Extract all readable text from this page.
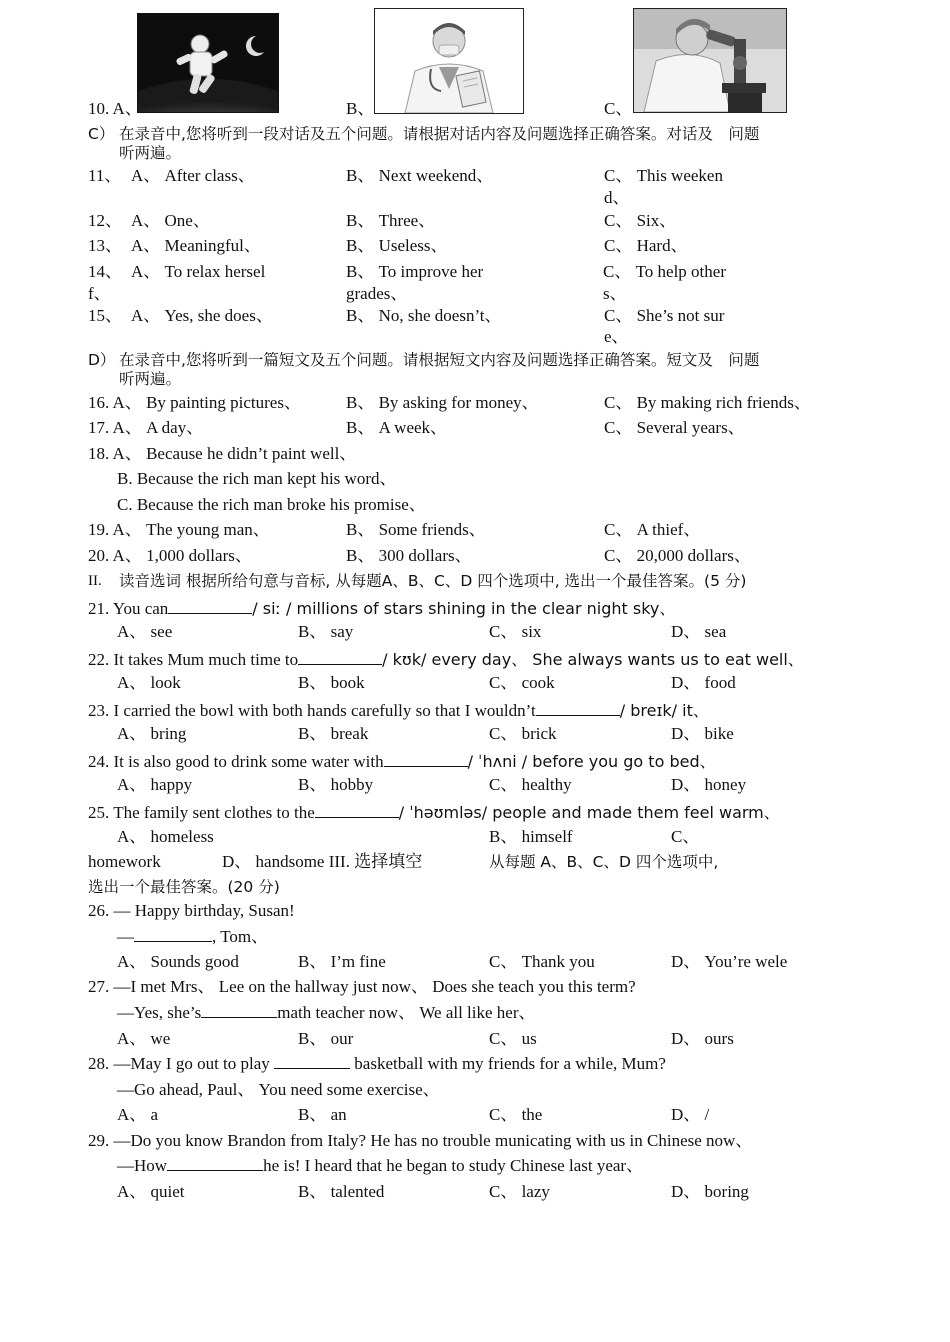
10. A、	B、	C、
C） 在录音中,您将听到一段对话及五个问题。请根据对话内容及问题选择正确答案。对话及　问题
听两遍。
11、 A、 After class、	B、 Next weekend、	C、 This weeken
d、
12、 A、 One、	B、 Three、	C、 Six、
13、 A、 Meaningful、	B、 Useless、	C、 Hard、
14、 A、 To relax hersel
f、
B、 To improve her
grades、
C、 To help other
s、
15、 A、 Yes, she does、	B、 No, she doesn’t、	C、 She’s not sur
e、
D） 在录音中,您将听到一篇短文及五个问题。请根据短文内容及问题选择正确答案。短文及　问题
听两遍。
16. A、 By painting pictures、	B、 By asking for money、	C、 By making rich friends、
17. A、 A day、	B、 A week、	C、 Several years、
18. A、 Because he didn’t paint well、
B. Because the rich man kept his word、
C. Because the rich man broke his promise、
19. A、 The young man、	B、 Some friends、	C、 A thief、
20. A、 1,000 dollars、	B、 300 dollars、	C、 20,000 dollars、
II. 读音选词 根据所给句意与音标, 从每题A、B、C、D 四个选项中, 选出一个最佳答案。(5 分)
21. You can	/ siː / millions of stars shining in the clear night sky、
A、 see	B、 say	C、 six	D、 sea
22. It takes Mum much time to	/ kʊk/ every day、 She always wants us to eat well、
A、 look	B、 book	C、 cook	D、 food
23. I carried the bowl with both hands carefully so that I wouldn’t	/ breɪk/ it、
A、 bring	B、 break	C、 brick	D、 bike
24. It is also good to drink some water with	/ ˈhʌni / before you go to bed、
A、 happy	B、 hobby	C、 healthy	D、 honey
25. The family sent clothes to the	/ ˈhəʊmləs/ people and made them feel warm、
A、 homeless	B、 himself	C、
homework	D、 handsome III. 选择填空	从每题 A、B、C、D 四个选项中,
选出一个最佳答案。(20 分)
26. — Happy birthday, Susan!
—	, Tom、
A、 Sounds good	B、 I’m fine	C、 Thank you	D、 You’re wele
27. —I met Mrs、 Lee on the hallway just now、 Does she teach you this term?
—Yes, she’s	math teacher now、 We all like her、
A、 we	B、 our	C、 us	D、 ours
28. —May I go out to play	basketball with my friends for a while, Mum?
—Go ahead, Paul、 You need some exercise、
A、 a	B、 an	C、 the	D、 /
29. —Do you know Brandon from Italy? He has no trouble municating with us in Chinese now、
—How	he is! I heard that he began to study Chinese last year、
A、 quiet	B、 talented	C、 lazy	D、 boring
